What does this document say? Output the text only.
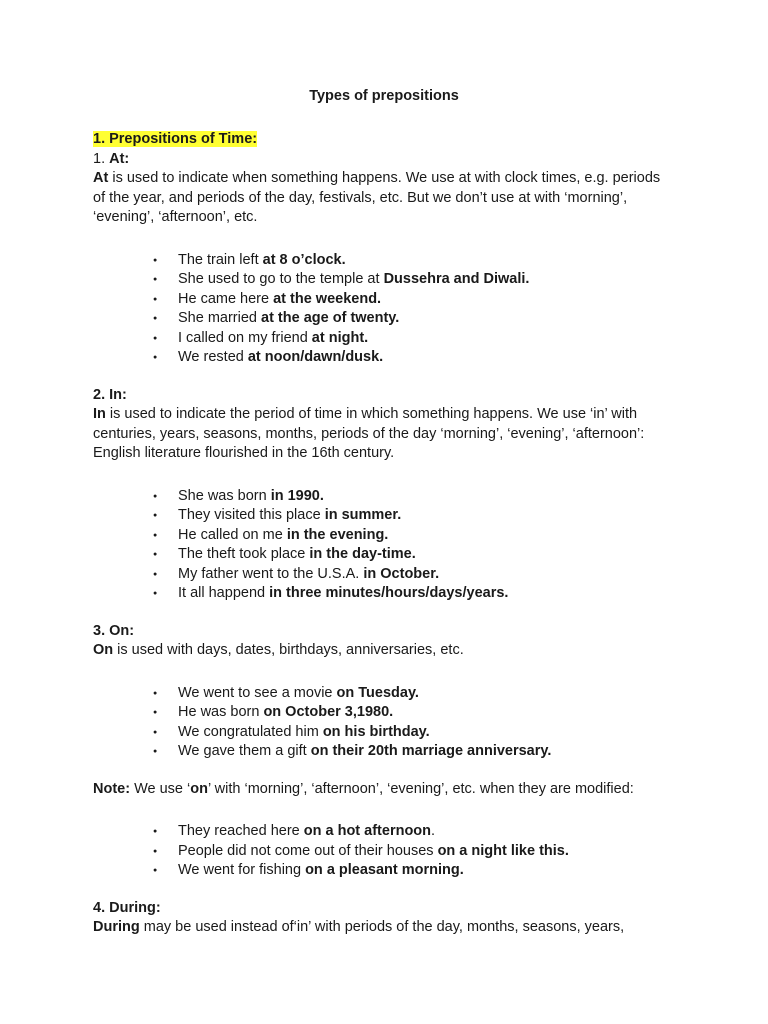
Types of prepositions
1. Prepositions of Time:
1. At:

At is used to indicate when something happens. We use at with clock times, e.g. periods of the year, and periods of the day, festivals, etc. But we don’t use at with ‘morning’, ‘evening’, ‘afternoon’, etc.

● The train left at 8 o’clock.
● She used to go to the temple at Dussehra and Diwali.
● He came here at the weekend.
● She married at the age of twenty.
● I called on my friend at night.
● We rested at noon/dawn/dusk.
2. In:

In is used to indicate the period of time in which something happens. We use ‘in’ with centuries, years, seasons, months, periods of the day ‘morning’, ‘evening’, ‘afternoon’: English literature flourished in the 16th century.

● She was born in 1990.
● They visited this place in summer.
● He called on me in the evening.
● The theft took place in the day-time.
● My father went to the U.S.A. in October.
● It all happend in three minutes/hours/days/years.
3. On:

On is used with days, dates, birthdays, anniversaries, etc.

● We went to see a movie on Tuesday.
● He was born on October 3,1980.
● We congratulated him on his birthday.
● We gave them a gift on their 20th marriage anniversary.

Note: We use ‘on’ with ‘morning’, ‘afternoon’, ‘evening’, etc. when they are modified:

● They reached here on a hot afternoon.
● People did not come out of their houses on a night like this.
● We went for fishing on a pleasant morning.
4. During:

During may be used instead of‘in’ with periods of the day, months, seasons, years,
